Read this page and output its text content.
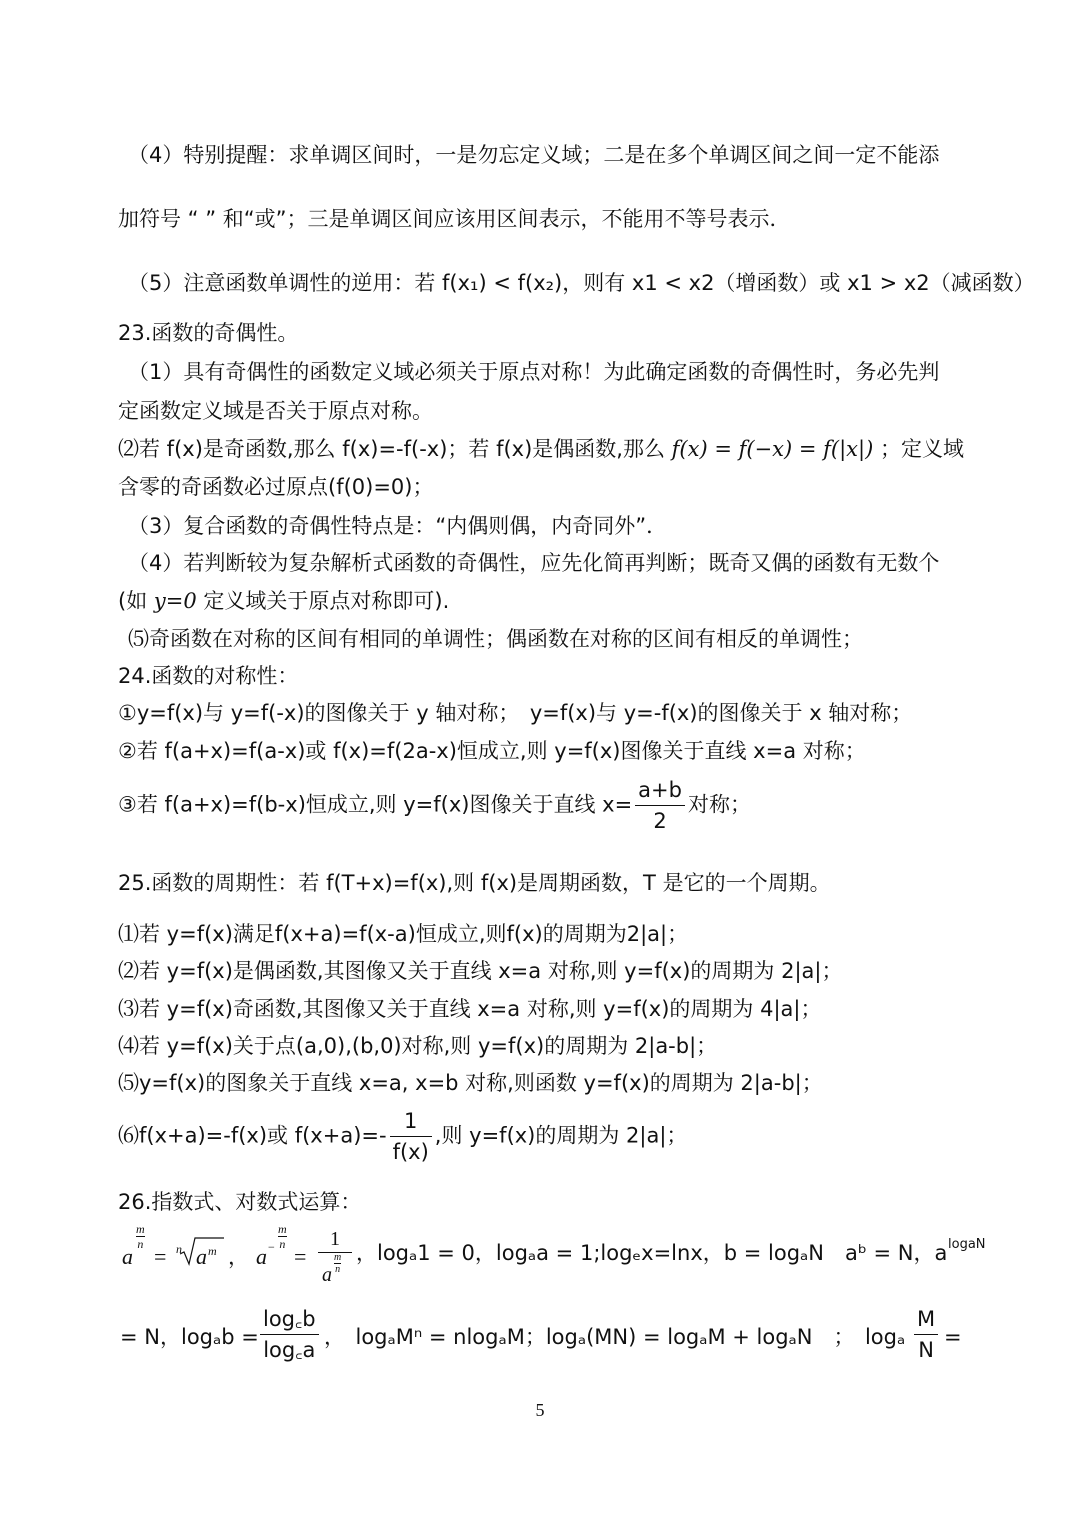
（4）特别提醒：求单调区间时，一是勿忘定义域；二是在多个单调区间之间一定不能添
加符号 “ ” 和“或”；三是单调区间应该用区间表示，不能用不等号表示．
（5）注意函数单调性的逆用：若 f(x₁) < f(x₂)，则有 x1 < x2（增函数）或 x1 > x2（减函数）
23.函数的奇偶性。
（1）具有奇偶性的函数定义域必须关于原点对称！为此确定函数的奇偶性时，务必先判
定函数定义域是否关于原点对称。
⑵若 f(x)是奇函数,那么 f(x)=-f(-x)；若 f(x)是偶函数,那么 f(x) = f(−x) = f(|x|) ；定义域
含零的奇函数必过原点(f(0)=0)；
（3）复合函数的奇偶性特点是：“内偶则偶，内奇同外”．
（4）若判断较为复杂解析式函数的奇偶性，应先化简再判断；既奇又偶的函数有无数个
(如 y=0 定义域关于原点对称即可).
⑸奇函数在对称的区间有相同的单调性；偶函数在对称的区间有相反的单调性；
24.函数的对称性：
①y=f(x)与 y=f(-x)的图像关于 y 轴对称；　y=f(x)与 y=-f(x)的图像关于 x 轴对称；
②若 f(a+x)=f(a-x)或 f(x)=f(2a-x)恒成立,则 y=f(x)图像关于直线 x=a 对称；
③若 f(a+x)=f(b-x)恒成立,则 y=f(x)图像关于直线 $x= \frac{a+b}{2}$ 对称；
25.函数的周期性：若 f(T+x)=f(x),则 f(x)是周期函数，T 是它的一个周期。
⑴若 y=f(x)满足f(x+a)=f(x-a)恒成立,则f(x)的周期为2|a|；
⑵若 y=f(x)是偶函数,其图像又关于直线 x=a 对称,则 y=f(x)的周期为 2|a|；
⑶若 y=f(x)奇函数,其图像又关于直线 x=a 对称,则 y=f(x)的周期为 4|a|；
⑷若 y=f(x)关于点(a,0),(b,0)对称,则 y=f(x)的周期为 2|a-b|；
⑸y=f(x)的图象关于直线 x=a, x=b 对称,则函数 y=f(x)的周期为 2|a-b|；
⑹f(x+a)=-f(x)或 $f(x+a)=- \frac{1}{f(x)}$ ,则 y=f(x)的周期为 2|a|；
26.指数式、对数式运算：
a
$\frac{m}{n}$
= n a m ， $a - \frac{m}{n}$
=
1
a $\frac{m}{n}$ ，logₐ1 = 0，logₐa = 1;logₑx=lnx，b = logₐN　aᵇ = N，a logaN
= N，$\log_ab = \frac{\log꜀b}{\log꜀a}$ ，　logₐMⁿ = nlogₐM；logₐ(MN) = logₐM + logₐN　；　logₐ $\frac{M}{N}$ =
5
